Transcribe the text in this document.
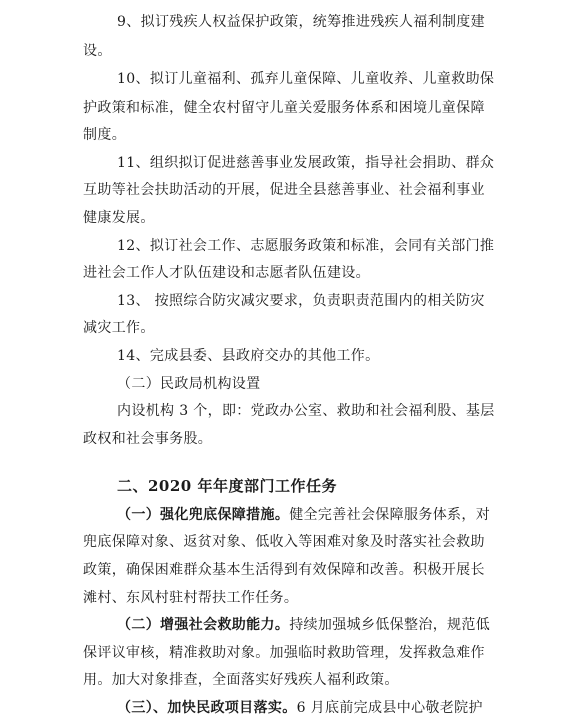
9、拟订残疾人权益保护政策，统筹推进残疾人福利制度建
设。
10、拟订儿童福利、孤弃儿童保障、儿童收养、儿童救助保
护政策和标准，健全农村留守儿童关爱服务体系和困境儿童保障
制度。
11、组织拟订促进慈善事业发展政策，指导社会捐助、群众
互助等社会扶助活动的开展，促进全县慈善事业、社会福利事业
健康发展。
12、拟订社会工作、志愿服务政策和标准，会同有关部门推
进社会工作人才队伍建设和志愿者队伍建设。
13、 按照综合防灾减灾要求，负责职责范围内的相关防灾
减灾工作。
14、完成县委、县政府交办的其他工作。
（二）民政局机构设置
内设机构 3 个，即：党政办公室、救助和社会福利股、基层
政权和社会事务股。
二、2020 年年度部门工作任务
（一）强化兜底保障措施。健全完善社会保障服务体系，对
兜底保障对象、返贫对象、低收入等困难对象及时落实社会救助
政策，确保困难群众基本生活得到有效保障和改善。积极开展长
滩村、东风村驻村帮扶工作任务。
（二）增强社会救助能力。持续加强城乡低保整治，规范低
保评议审核，精准救助对象。加强临时救助管理，发挥救急难作
用。加大对象排查，全面落实好残疾人福利政策。
（三）、加快民政项目落实。6 月底前完成县中心敬老院护
